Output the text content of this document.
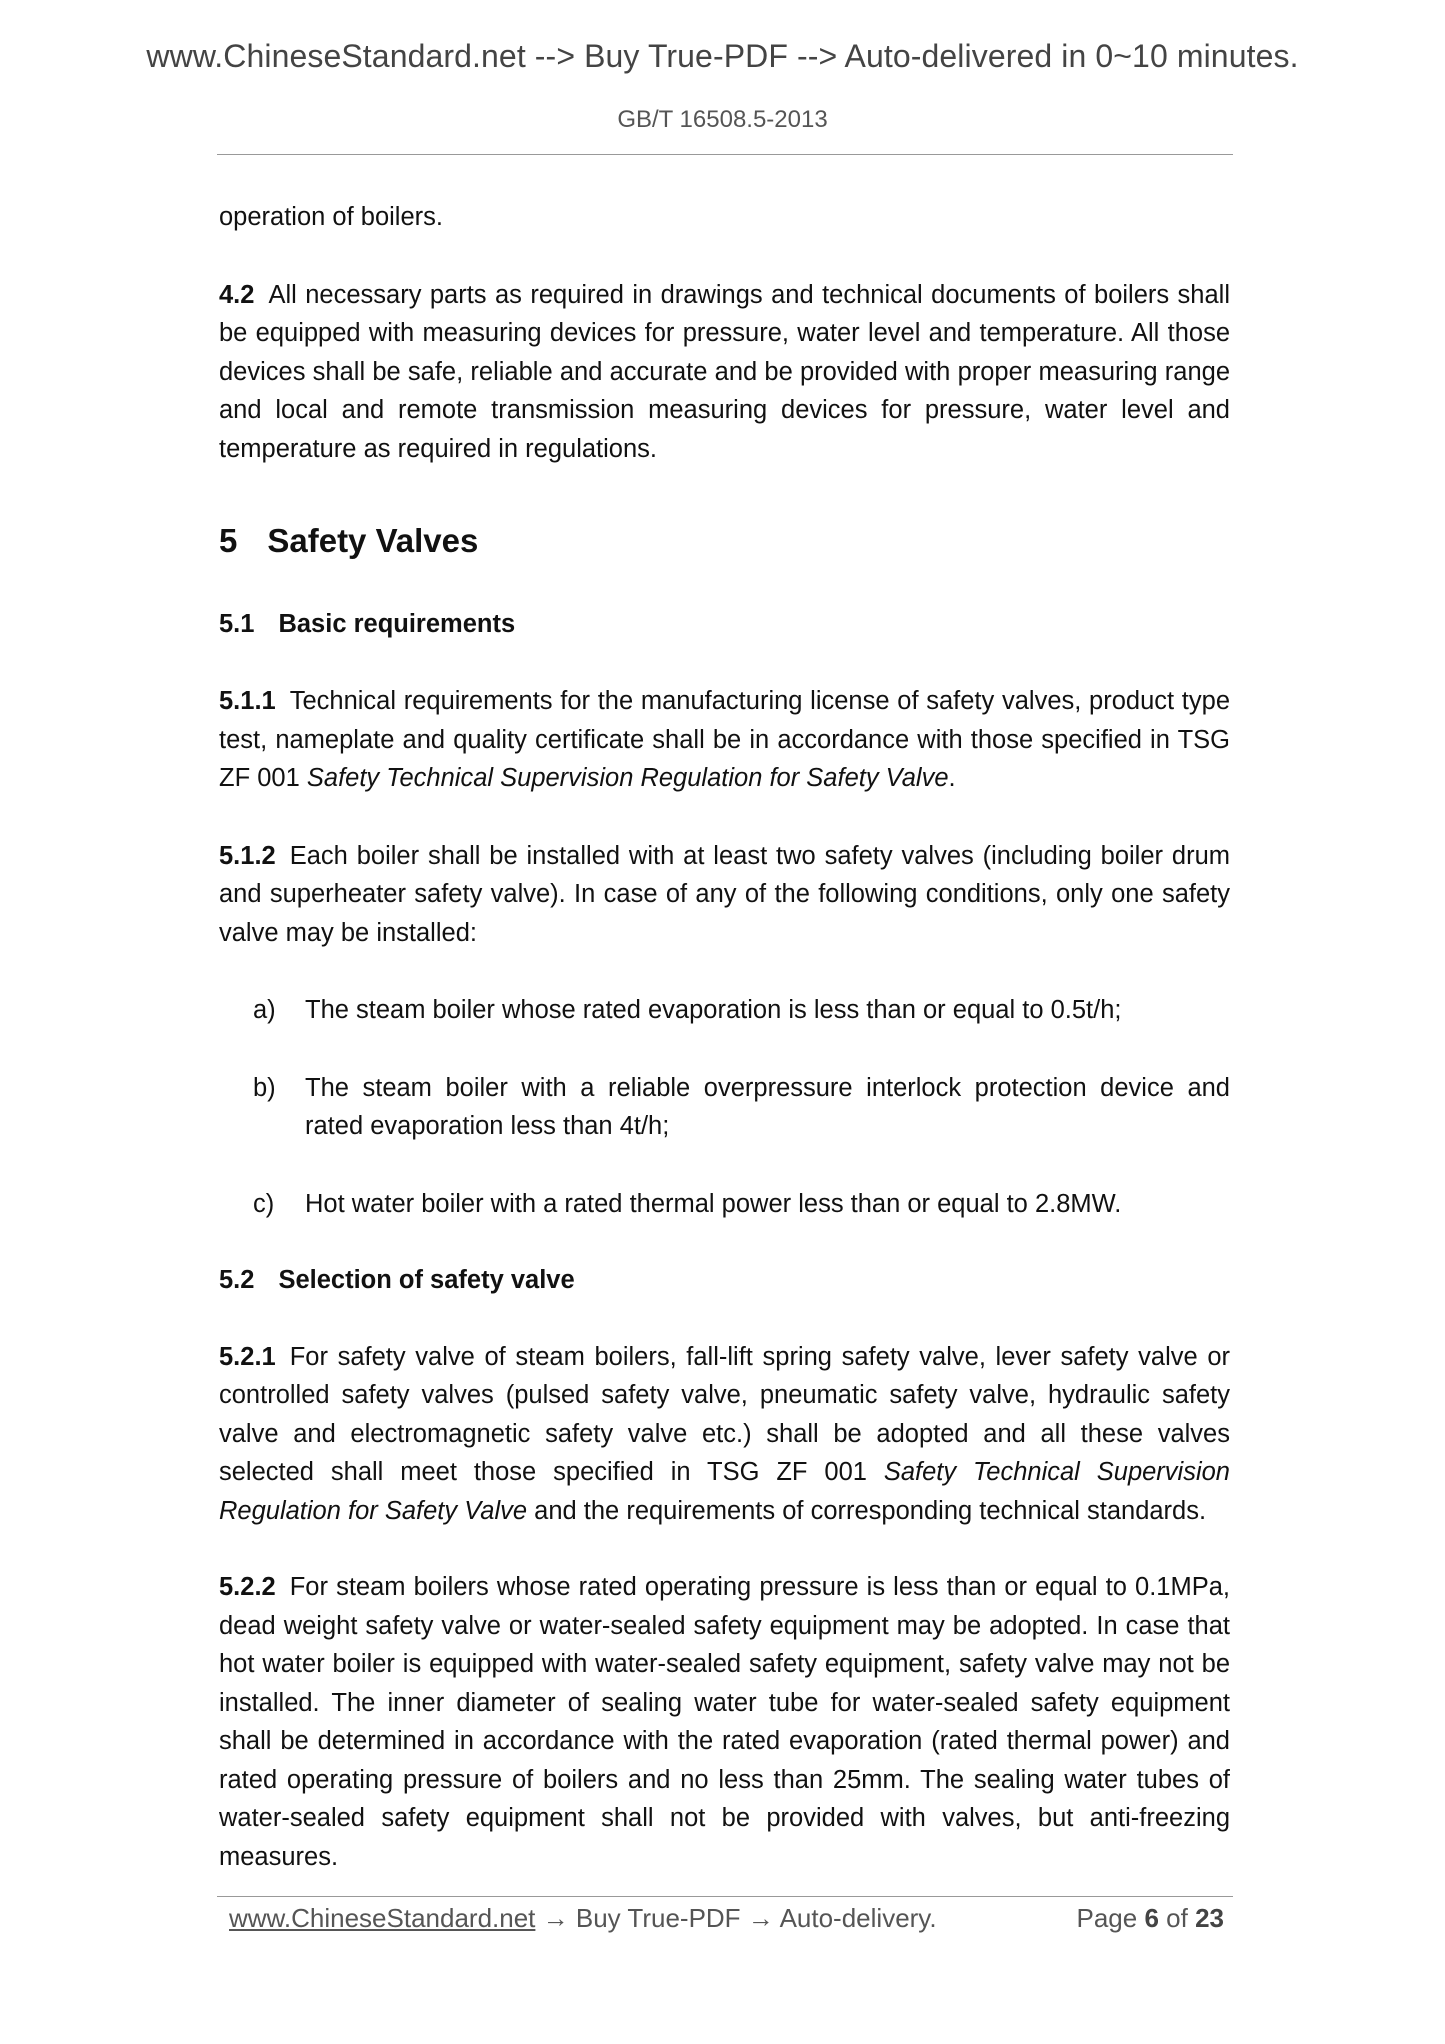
www.ChineseStandard.net --> Buy True-PDF --> Auto-delivered in 0~10 minutes.
GB/T 16508.5-2013

operation of boilers.

4.2 All necessary parts as required in drawings and technical documents of boilers shall be equipped with measuring devices for pressure, water level and temperature. All those devices shall be safe, reliable and accurate and be provided with proper measuring range and local and remote transmission measuring devices for pressure, water level and temperature as required in regulations.

5 Safety Valves
5.1 Basic requirements

5.1.1 Technical requirements for the manufacturing license of safety valves, product type test, nameplate and quality certificate shall be in accordance with those specified in TSG ZF 001 Safety Technical Supervision Regulation for Safety Valve.

5.1.2 Each boiler shall be installed with at least two safety valves (including boiler drum and superheater safety valve). In case of any of the following conditions, only one safety valve may be installed:

a)	The steam boiler whose rated evaporation is less than or equal to 0.5t/h;
b)	The steam boiler with a reliable overpressure interlock protection device and rated evaporation less than 4t/h;
c)	Hot water boiler with a rated thermal power less than or equal to 2.8MW.
5.2 Selection of safety valve

5.2.1 For safety valve of steam boilers, fall-lift spring safety valve, lever safety valve or controlled safety valves (pulsed safety valve, pneumatic safety valve, hydraulic safety valve and electromagnetic safety valve etc.) shall be adopted and all these valves selected shall meet those specified in TSG ZF 001 Safety Technical Supervision Regulation for Safety Valve and the requirements of corresponding technical standards.

5.2.2 For steam boilers whose rated operating pressure is less than or equal to 0.1MPa, dead weight safety valve or water-sealed safety equipment may be adopted. In case that hot water boiler is equipped with water-sealed safety equipment, safety valve may not be installed. The inner diameter of sealing water tube for water-sealed safety equipment shall be determined in accordance with the rated evaporation (rated thermal power) and rated operating pressure of boilers and no less than 25mm. The sealing water tubes of water-sealed safety equipment shall not be provided with valves, but anti-freezing measures.

www.ChineseStandard.net → Buy True-PDF → Auto-delivery.	Page 6 of 23
